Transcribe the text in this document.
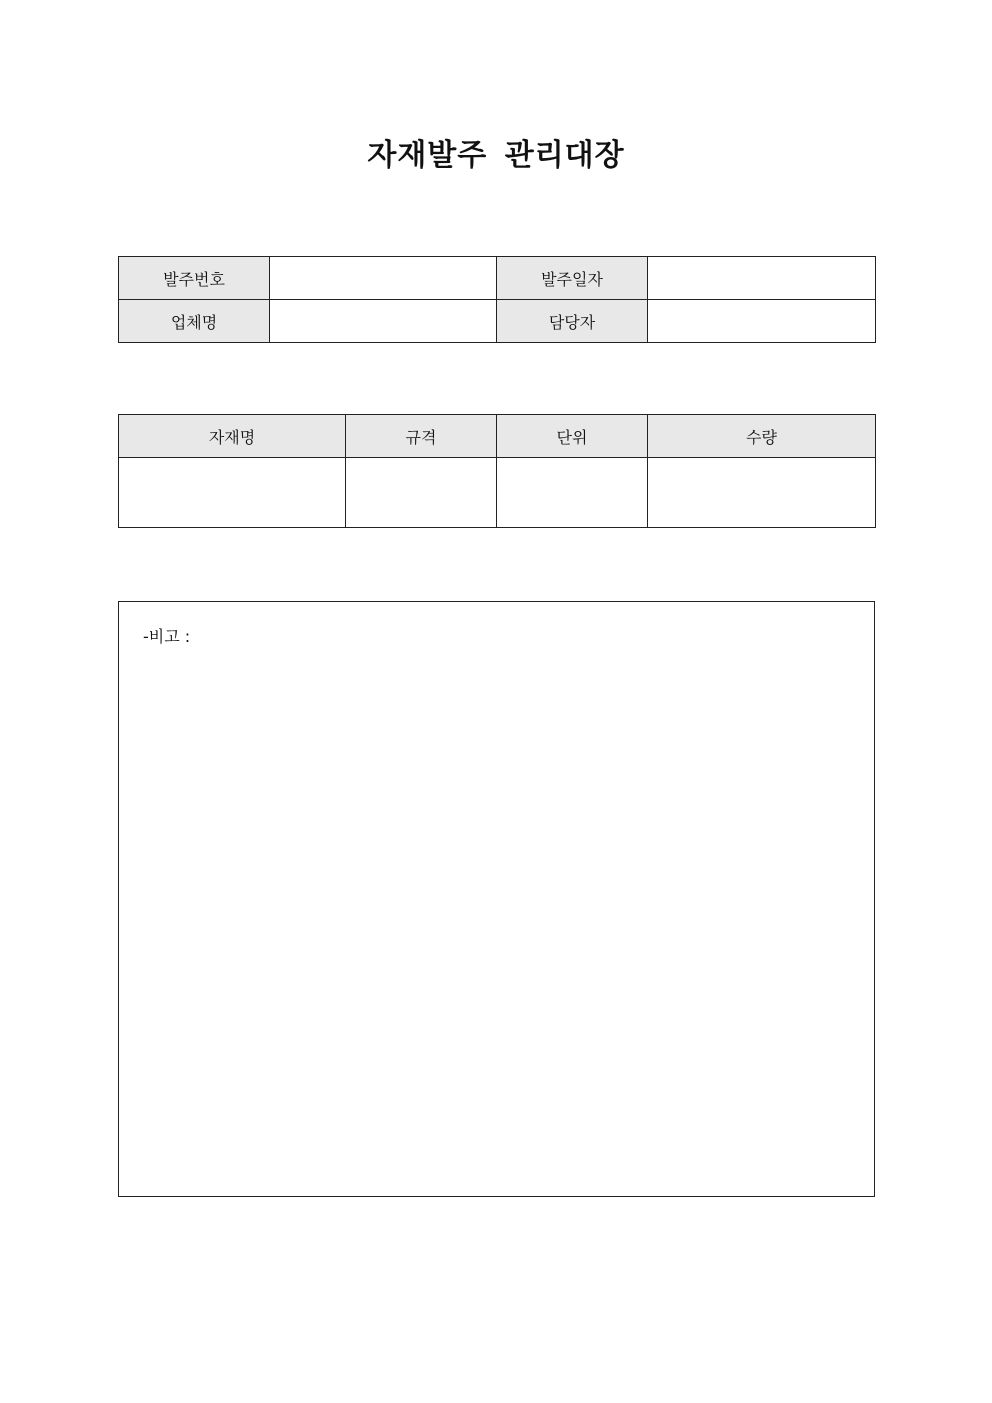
자재발주 관리대장
발주번호		발주일자	
업체명		담당자	
자재명	규격	단위	수량

-비고 :
